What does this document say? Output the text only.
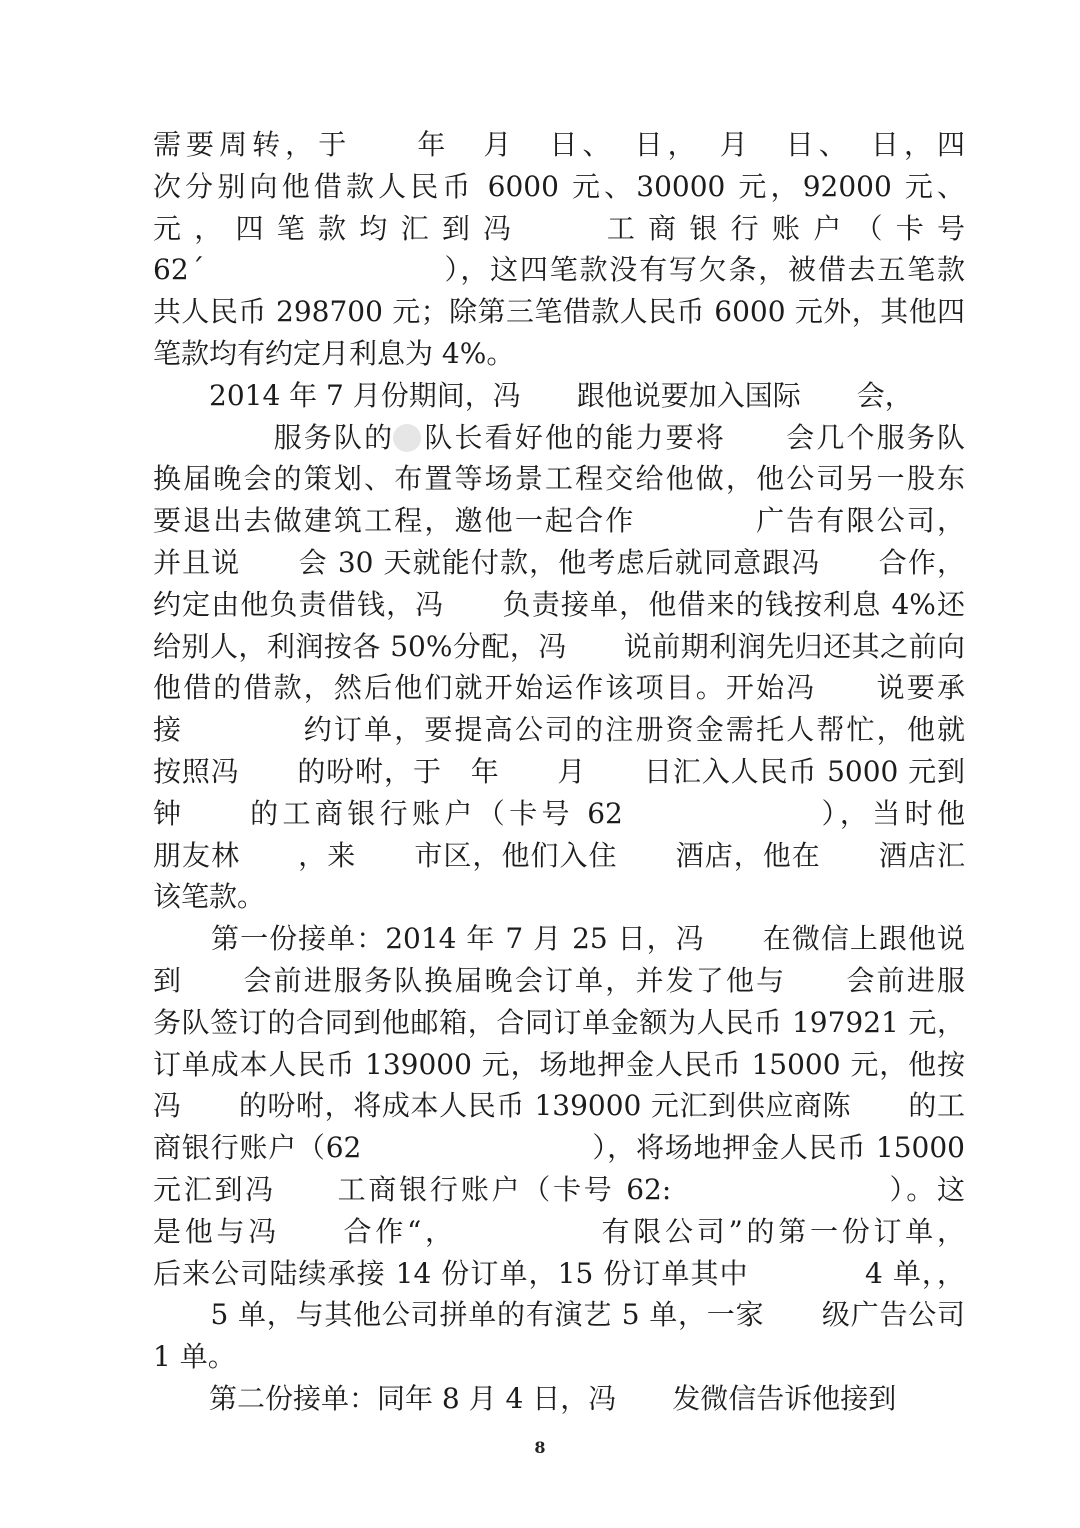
需要周转，于　　年　月　日、　日，　月　日、　日，四
次分别向他借款人民币 6000 元、30000 元，92000 元、
元，四笔款均汇到冯　　工商银行账户（卡号
62ˊ　　　　　　　　），这四笔款没有写欠条，被借去五笔款
共人民币 298700 元；除第三笔借款人民币 6000 元外，其他四
笔款均有约定月利息为 4%。
　　2014 年 7 月份期间，冯　　跟他说要加入国际　　会，
　　　　服务队的　队长看好他的能力要将　　会几个服务队
换届晚会的策划、布置等场景工程交给他做，他公司另一股东
要退出去做建筑工程，邀他一起合作　　　　广告有限公司，
并且说　　会 30 天就能付款，他考虑后就同意跟冯　　合作，
约定由他负责借钱，冯　　负责接单，他借来的钱按利息 4%还
给别人，利润按各 50%分配，冯　　说前期利润先归还其之前向
他借的借款，然后他们就开始运作该项目。开始冯　　说要承
接　　　　约订单，要提高公司的注册资金需托人帮忙，他就
按照冯　　的吩咐，于　年　　月　　日汇入人民币 5000 元到
钟　　的工商银行账户（卡号 62　　　　　　），当时他
朋友林　　，来　　市区，他们入住　　酒店，他在　　酒店汇
该笔款。
　　第一份接单：2014 年 7 月 25 日，冯　　在微信上跟他说
到　　会前进服务队换届晚会订单，并发了他与　　会前进服
务队签订的合同到他邮箱，合同订单金额为人民币 197921 元，
订单成本人民币 139000 元，场地押金人民币 15000 元，他按
冯　　的吩咐，将成本人民币 139000 元汇到供应商陈　　的工
商银行账户（62　　　　　　　　），将场地押金人民币 15000
元汇到冯　　工商银行账户（卡号 62:　　　　　　　）。这
是他与冯　　合作“，　　　　　有限公司”的第一份订单，
后来公司陆续承接 14 份订单，15 份订单其中　　　　4 单，，
　　5 单，与其他公司拼单的有演艺 5 单，一家　　级广告公司
1 单。
　　第二份接单：同年 8 月 4 日，冯　　发微信告诉他接到
8
